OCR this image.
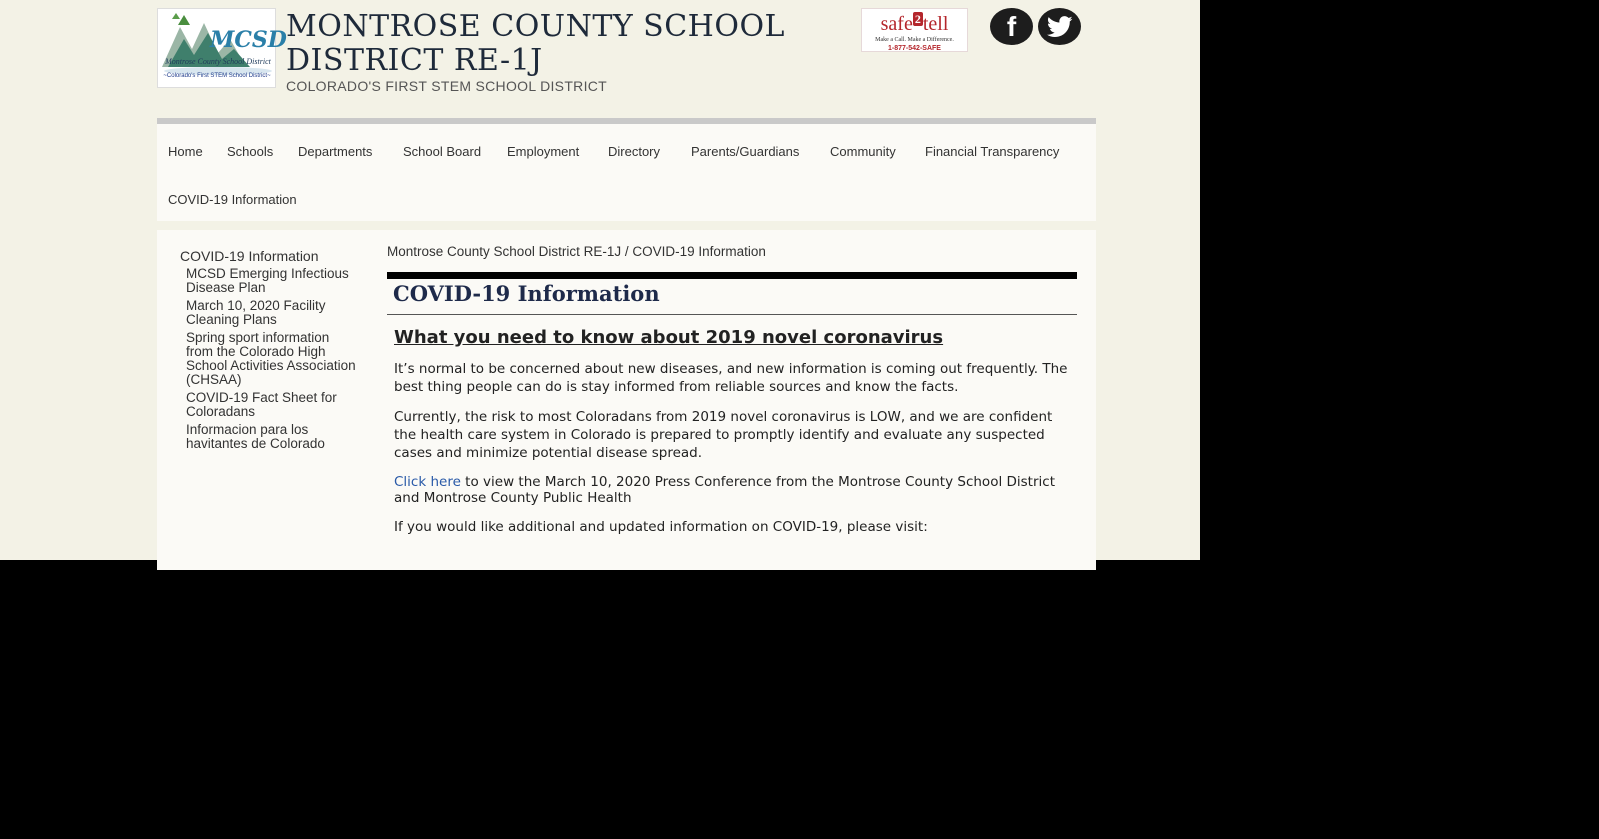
MCSD
Montrose County School District
~Colorado's First STEM School District~
MONTROSE COUNTY SCHOOL DISTRICT RE-1J
COLORADO'S FIRST STEM SCHOOL DISTRICT
safe 2 tell
Make a Call. Make a Difference.
1-877-542-SAFE
f
Home Schools Departments School Board Employment Directory Parents/Guardians Community Financial Transparency
COVID-19 Information
COVID-19 Information
MCSD Emerging Infectious Disease Plan
March 10, 2020 Facility Cleaning Plans
Spring sport information from the Colorado High School Activities Association (CHSAA)
COVID-19 Fact Sheet for Coloradans
Informacion para los havitantes de Colorado
Montrose County School District RE-1J / COVID-19 Information
COVID-19 Information
What you need to know about 2019 novel coronavirus

It’s normal to be concerned about new diseases, and new information is coming out frequently. The best thing people can do is stay informed from reliable sources and know the facts.

Currently, the risk to most Coloradans from 2019 novel coronavirus is LOW, and we are confident the health care system in Colorado is prepared to promptly identify and evaluate any suspected cases and minimize potential disease spread.

Click here to view the March 10, 2020 Press Conference from the Montrose County School District and Montrose County Public Health

If you would like additional and updated information on COVID-19, please visit:
